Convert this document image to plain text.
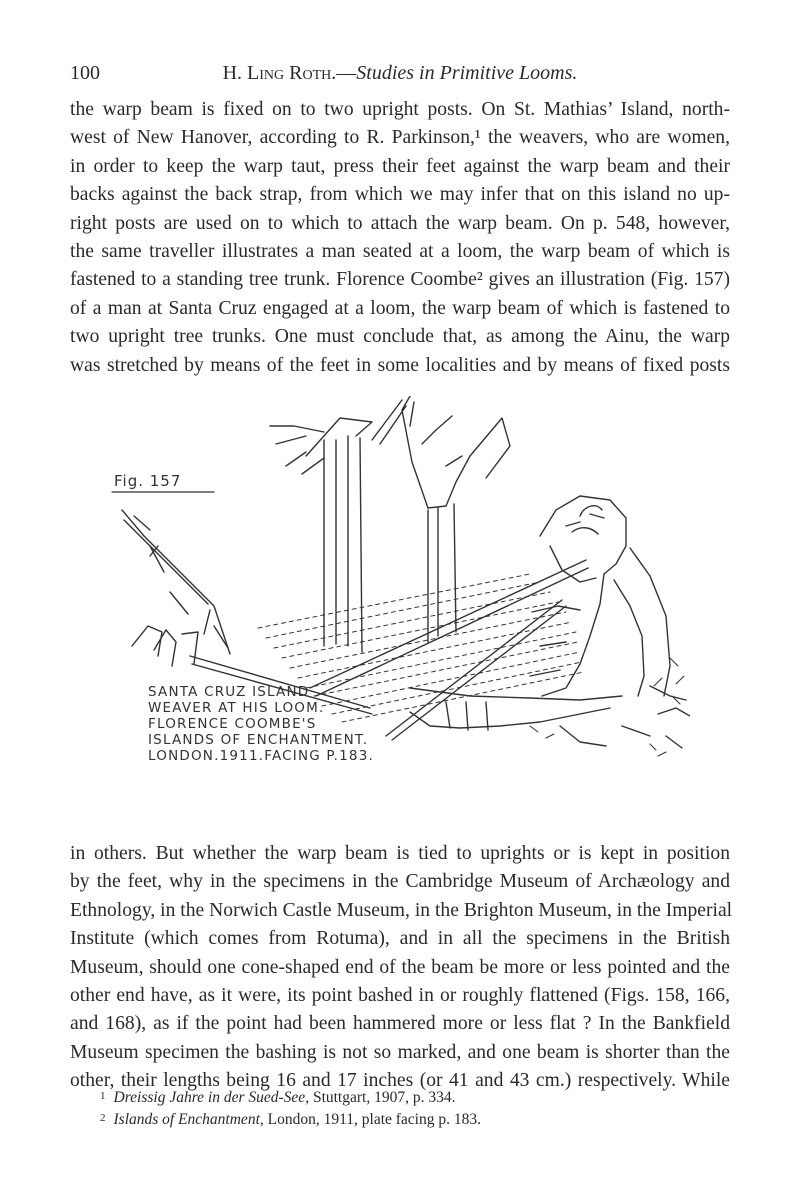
100	H. Ling Roth.—Studies in Primitive Looms.
the warp beam is fixed on to two upright posts. On St. Mathias’ Island, north-
west of New Hanover, according to R. Parkinson,¹ the weavers, who are women,
in order to keep the warp taut, press their feet against the warp beam and their
backs against the back strap, from which we may infer that on this island no up-
right posts are used on to which to attach the warp beam. On p. 548, however,
the same traveller illustrates a man seated at a loom, the warp beam of which is
fastened to a standing tree trunk. Florence Coombe² gives an illustration (Fig. 157)
of a man at Santa Cruz engaged at a loom, the warp beam of which is fastened to
two upright tree trunks. One must conclude that, as among the Ainu, the warp
was stretched by means of the feet in some localities and by means of fixed posts
Fig. 157
SANTA CRUZ ISLAND
WEAVER AT HIS LOOM.
FLORENCE COOMBE'S
ISLANDS OF ENCHANTMENT.
LONDON.1911.FACING P.183.
in others. But whether the warp beam is tied to uprights or is kept in position
by the feet, why in the specimens in the Cambridge Museum of Archæology and
Ethnology, in the Norwich Castle Museum, in the Brighton Museum, in the Imperial
Institute (which comes from Rotuma), and in all the specimens in the British
Museum, should one cone-shaped end of the beam be more or less pointed and the
other end have, as it were, its point bashed in or roughly flattened (Figs. 158, 166,
and 168), as if the point had been hammered more or less flat ? In the Bankfield
Museum specimen the bashing is not so marked, and one beam is shorter than the
other, their lengths being 16 and 17 inches (or 41 and 43 cm.) respectively. While
$^1$ Dreissig Jahre in der Sued-See, Stuttgart, 1907, p. 334.
$^2$ Islands of Enchantment, London, 1911, plate facing p. 183.
